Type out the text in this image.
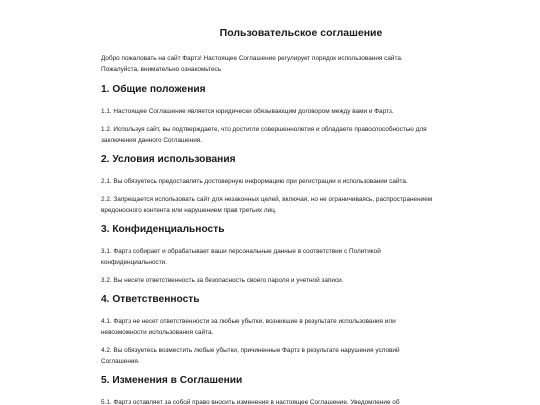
Пользовательское соглашение
Добро пожаловать на сайт Фартз! Настоящее Соглашение регулирует порядок использования сайта. Пожалуйста, внимательно ознакомьтесь
1. Общие положения
1.1. Настоящее Соглашение является юридически обязывающим договором между вами и Фартз.
1.2. Используя сайт, вы подтверждаете, что достигли совершеннолетия и обладаете правоспособностью для заключения данного Соглашения.
2. Условия использования
2.1. Вы обязуетесь предоставлять достоверную информацию при регистрации и использовании сайта.
2.2. Запрещается использовать сайт для незаконных целей, включая, но не ограничиваясь, распространением вредоносного контента или нарушением прав третьих лиц.
3. Конфиденциальность
3.1. Фартз собирает и обрабатывает ваши персональные данные в соответствии с Политикой конфиденциальности.
3.2. Вы несете ответственность за безопасность своего пароля и учетной записи.
4. Ответственность
4.1. Фартз не несет ответственности за любые убытки, возникшие в результате использования или невозможности использования сайта.
4.2. Вы обязуетесь возместить любые убытки, причиненные Фартз в результате нарушения условий Соглашения.
5. Изменения в Соглашении
5.1. Фартз оставляет за собой право вносить изменения в настоящее Соглашение. Уведомление об
